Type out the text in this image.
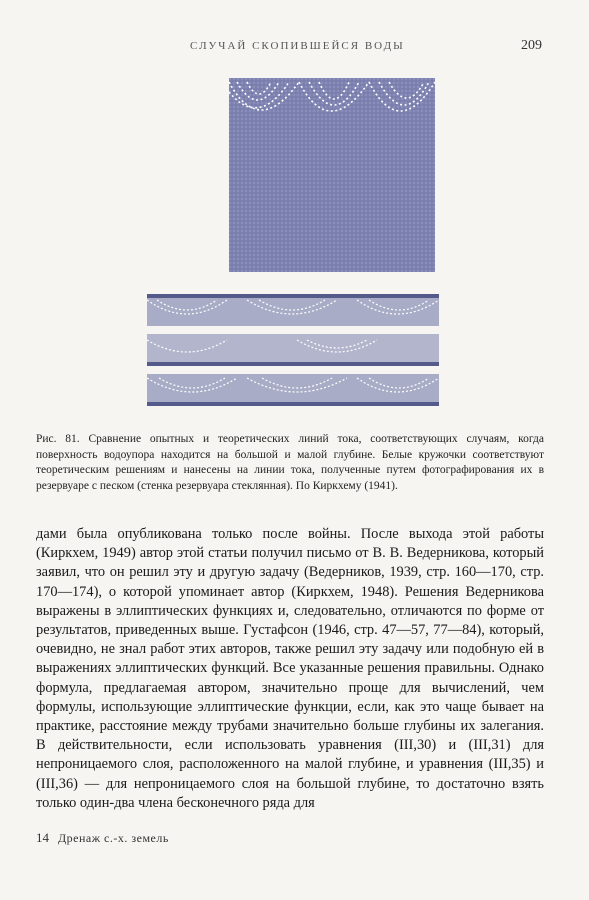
СЛУЧАЙ СКОПИВШЕЙСЯ ВОДЫ	209
Рис. 81. Сравнение опытных и теоретических линий тока, соответствующих случаям, когда поверхность водоупора находится на большой и малой глубине. Белые кружочки соответствуют теоретическим решениям и нанесены на линии тока, полученные путем фотографирования их в резервуаре с песком (стенка резервуара стеклянная). По Киркхему (1941).

дами была опубликована только после войны. После выхода этой работы (Киркхем, 1949) автор этой статьи получил письмо от В. В. Ведерникова, который заявил, что он решил эту и другую задачу (Ведерников, 1939, стр. 160—170, стр. 170—174), о которой упоминает автор (Киркхем, 1948). Решения Ведерникова выражены в эллиптических функциях и, следовательно, отличаются по форме от результатов, приведенных выше. Густафсон (1946, стр. 47—57, 77—84), который, очевидно, не знал работ этих авторов, также решил эту задачу или подобную ей в выражениях эллиптических функций. Все указанные решения правильны. Однако формула, предлагаемая автором, значительно проще для вычислений, чем формулы, использующие эллиптические функции, если, как это чаще бывает на практике, расстояние между трубами значительно больше глубины их залегания. В действительности, если использовать уравнения (III,30) и (III,31) для непроницаемого слоя, расположенного на малой глубине, и уравнения (III,35) и (III,36) — для непроницаемого слоя на большой глубине, то достаточно взять только один-два члена бесконечного ряда для

14 Дренаж с.-х. земель
